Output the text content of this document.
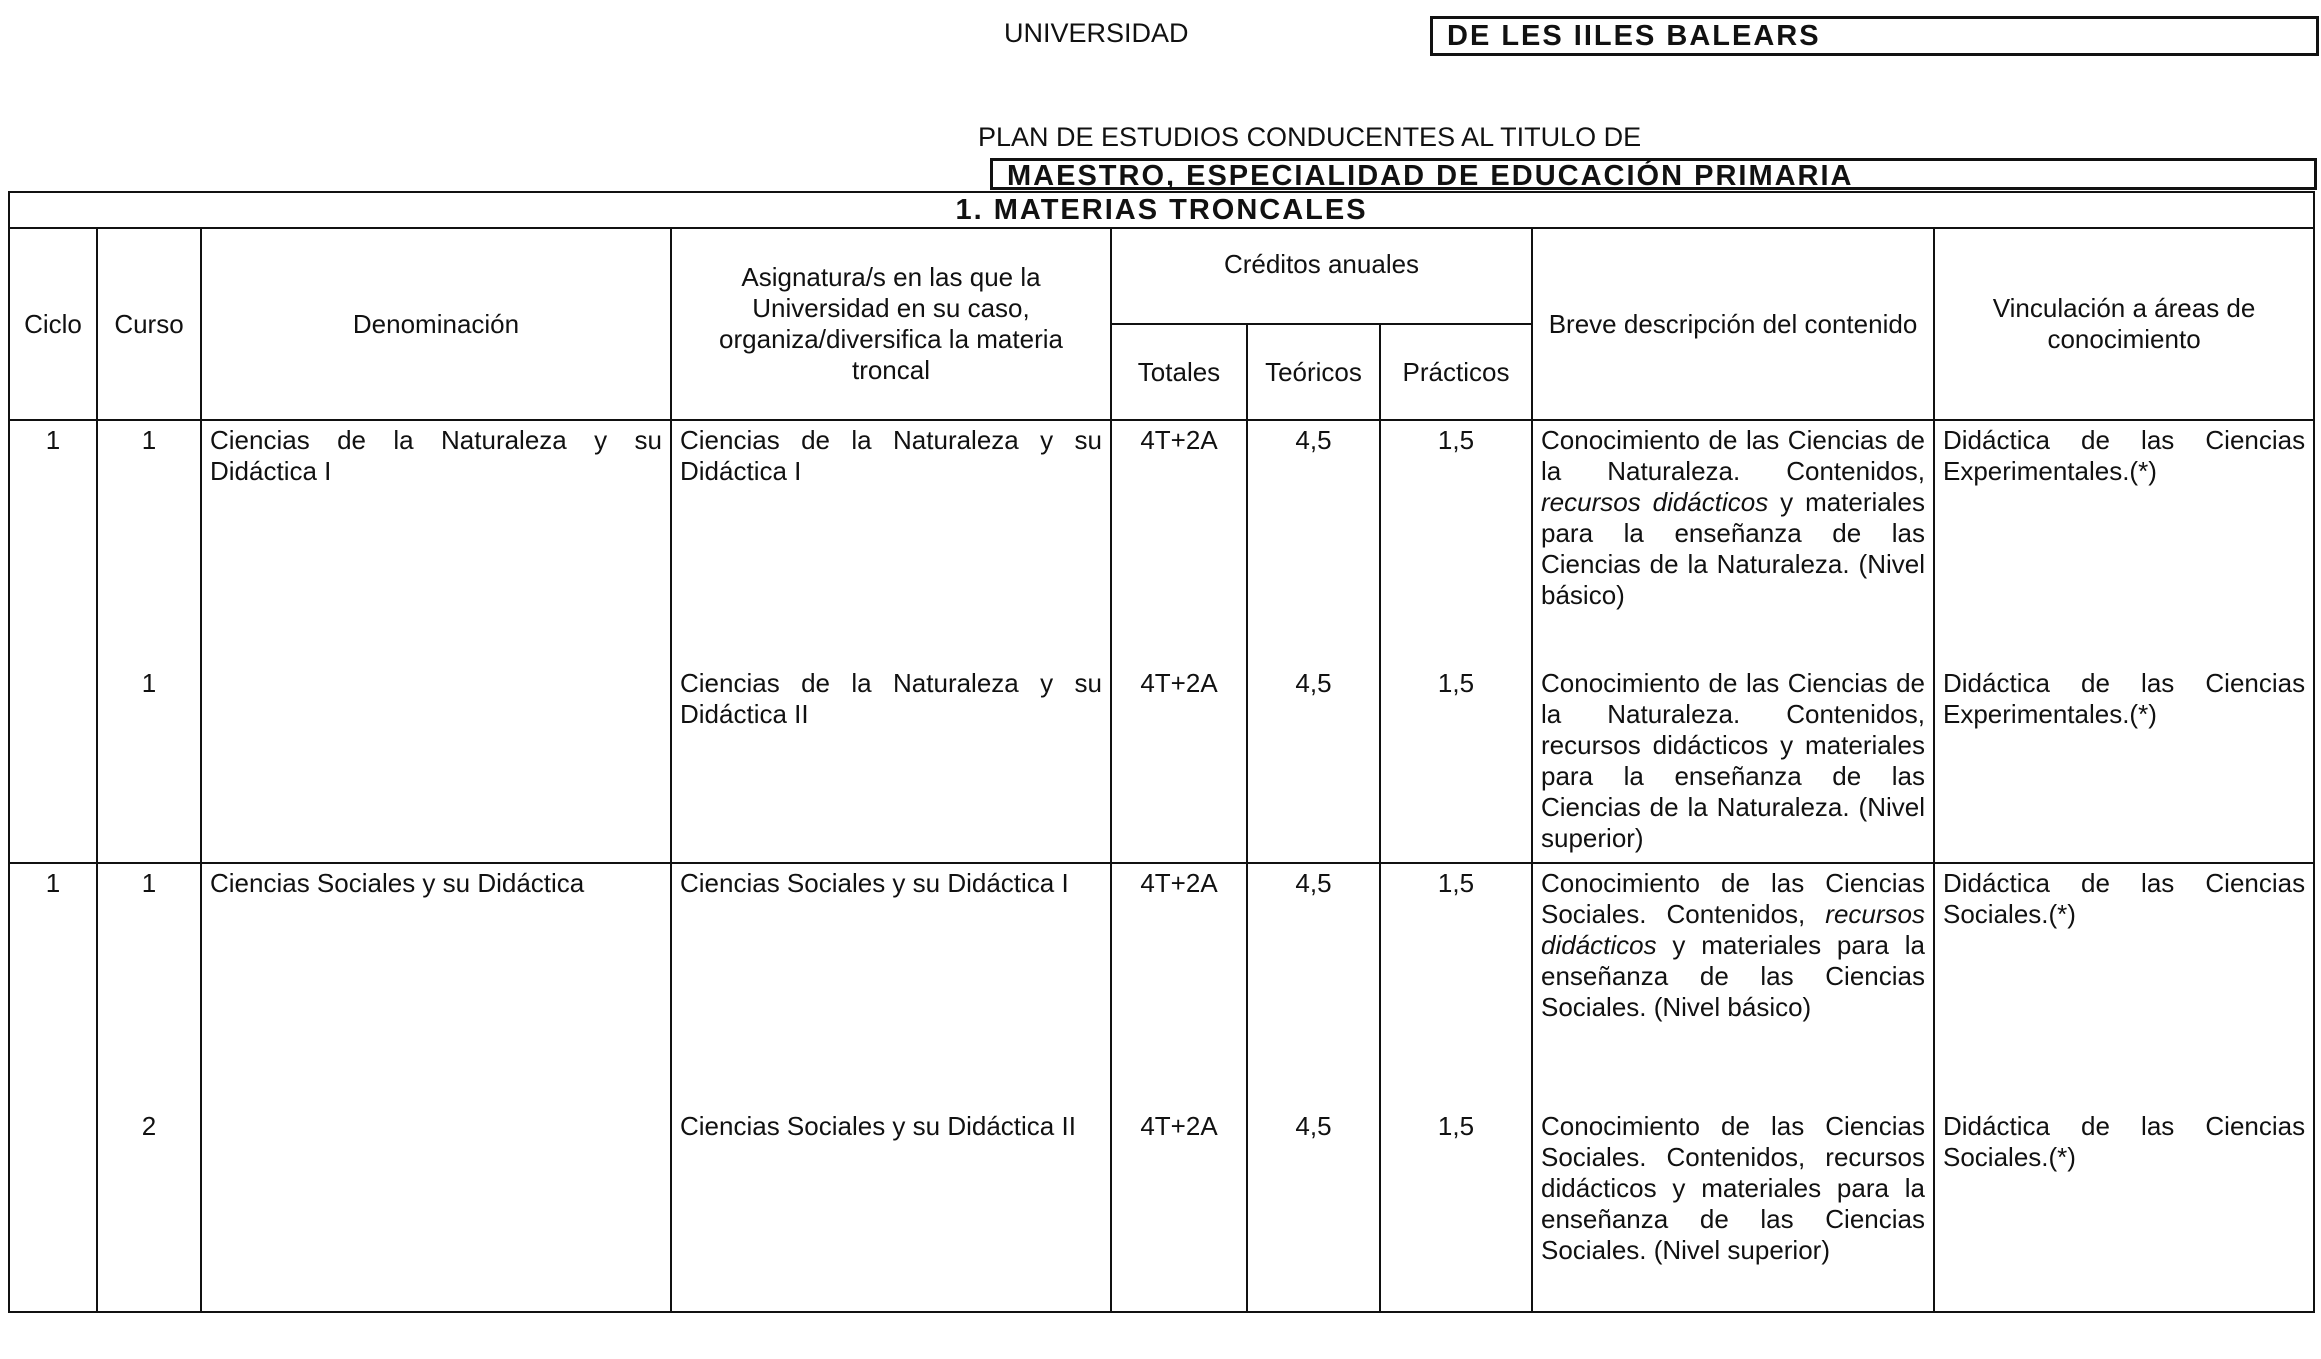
UNIVERSIDAD	DE LES IILES BALEARS
PLAN DE ESTUDIOS CONDUCENTES AL TITULO DE
MAESTRO, ESPECIALIDAD DE EDUCACIÓN PRIMARIA
1. MATERIAS TRONCALES								
Ciclo	Curso	Denominación	Asignatura/s en las que la Universidad en su caso, organiza/diversifica la materia troncal	Créditos anuales			Breve descripción del contenido	Vinculación a áreas de conocimiento
				Totales	Teóricos	Prácticos		
1	1	Ciencias de la Naturaleza y su Didáctica I	Ciencias de la Naturaleza y su Didáctica I	4T+2A	4,5	1,5	Conocimiento de las Ciencias de la Naturaleza. Contenidos, recursos didácticos y materiales para la enseñanza de las Ciencias de la Naturaleza. (Nivel básico)	Didáctica de las Ciencias Experimentales.(*)
	1		Ciencias de la Naturaleza y su Didáctica II	4T+2A	4,5	1,5	Conocimiento de las Ciencias de la Naturaleza. Contenidos, recursos didácticos y materiales para la enseñanza de las Ciencias de la Naturaleza. (Nivel superior)	Didáctica de las Ciencias Experimentales.(*)
1	1	Ciencias Sociales y su Didáctica	Ciencias Sociales y su Didáctica I	4T+2A	4,5	1,5	Conocimiento de las Ciencias Sociales. Contenidos, recursos didácticos y materiales para la enseñanza de las Ciencias Sociales. (Nivel básico)	Didáctica de las Ciencias Sociales.(*)
	2		Ciencias Sociales y su Didáctica II	4T+2A	4,5	1,5	Conocimiento de las Ciencias Sociales. Contenidos, recursos didácticos y materiales para la enseñanza de las Ciencias Sociales. (Nivel superior)	Didáctica de las Ciencias Sociales.(*)
